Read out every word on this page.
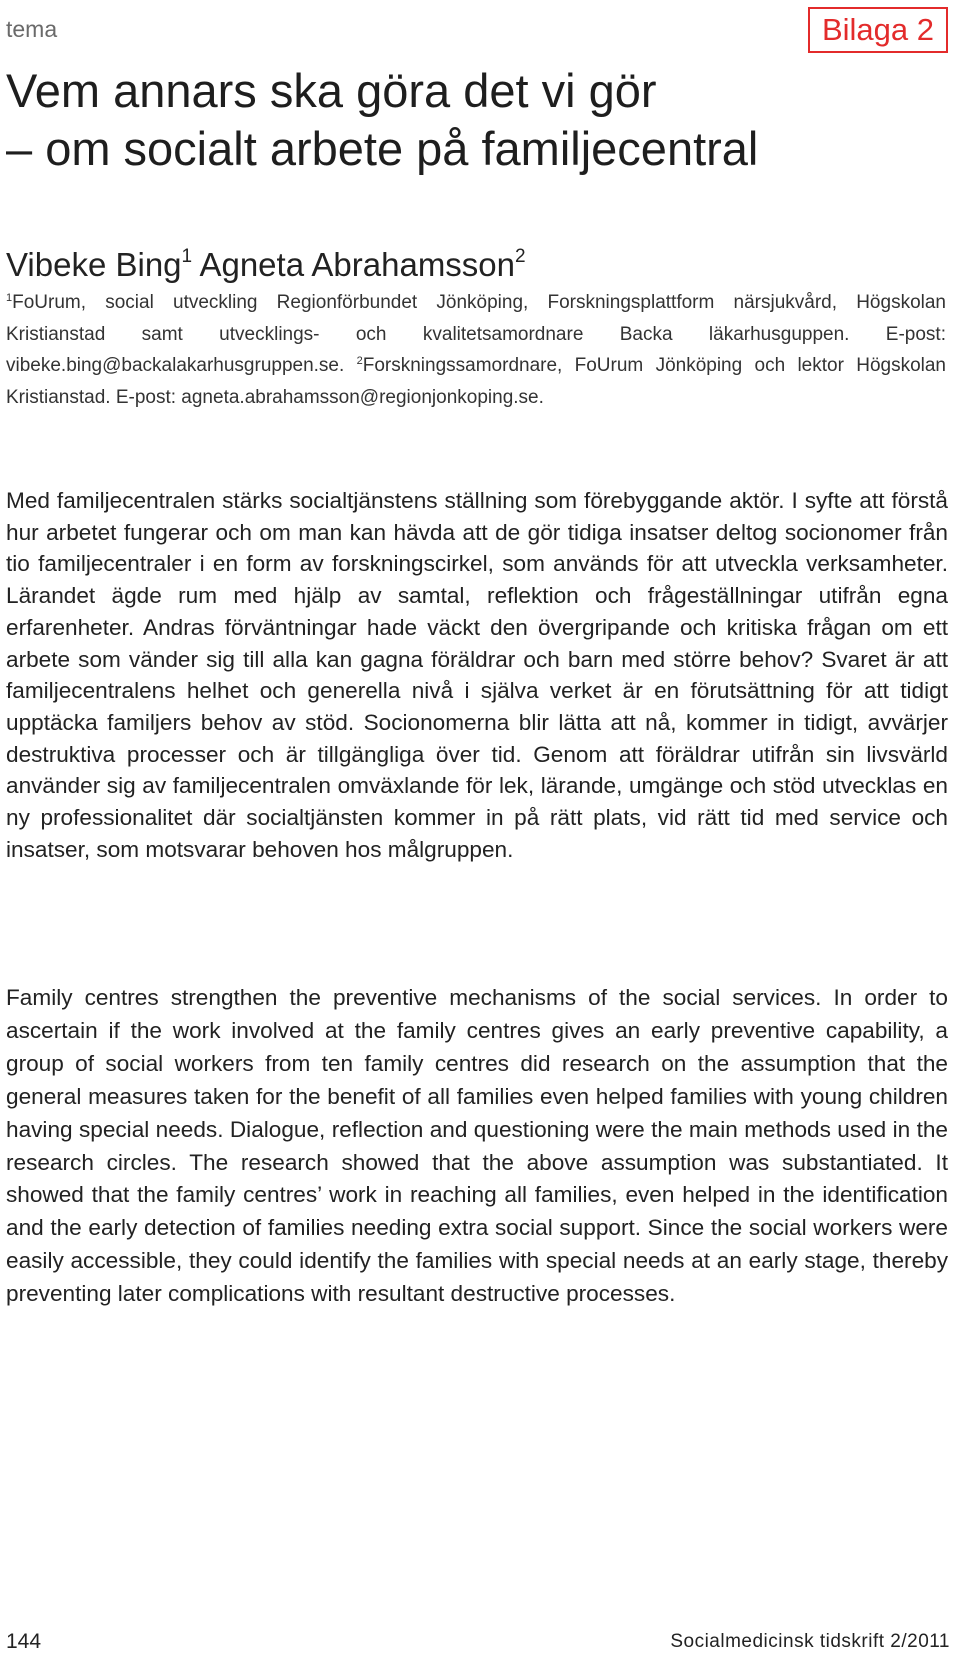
tema	Bilaga 2
Vem annars ska göra det vi gör
– om socialt arbete på familjecentral
Vibeke Bing$^1$ Agneta Abrahamsson$^2$

$^1$FoUrum, social utveckling Regionförbundet Jönköping, Forskningsplattform närsjukvård, Högskolan Kristianstad samt utvecklings- och kvalitetsamordnare Backa läkarhusguppen. E-post: vibeke.bing@backalakarhusgruppen.se. $^2$Forskningssamordnare, FoUrum Jönköping och lektor Högskolan Kristianstad. E-post: agneta.abrahamsson@regionjonkoping.se.

Med familjecentralen stärks socialtjänstens ställning som förebyggande aktör. I syfte att förstå hur arbetet fungerar och om man kan hävda att de gör tidiga insatser deltog socionomer från tio familjecentraler i en form av forskningscirkel, som används för att utveckla verksamheter. Lärandet ägde rum med hjälp av samtal, reflektion och frågeställningar utifrån egna erfarenheter. Andras förväntningar hade väckt den övergripande och kritiska frågan om ett arbete som vänder sig till alla kan gagna föräldrar och barn med större behov? Svaret är att familjecentralens helhet och generella nivå i själva verket är en förutsättning för att tidigt upptäcka familjers behov av stöd. Socionomerna blir lätta att nå, kommer in tidigt, avvärjer destruktiva processer och är tillgängliga över tid. Genom att föräldrar utifrån sin livsvärld använder sig av familjecentralen omväxlande för lek, lärande, umgänge och stöd utvecklas en ny professionalitet där socialtjänsten kommer in på rätt plats, vid rätt tid med service och insatser, som motsvarar behoven hos målgruppen.

Family centres strengthen the preventive mechanisms of the social services. In order to ascertain if the work involved at the family centres gives an early preventive capability, a group of social workers from ten family centres did research on the assumption that the general measures taken for the benefit of all families even helped families with young children having special needs. Dialogue, reflection and questioning were the main methods used in the research circles. The research showed that the above assumption was substantiated. It showed that the family centres’ work in reaching all families, even helped in the identification and the early detection of families needing extra social support. Since the social workers were easily accessible, they could identify the families with special needs at an early stage, thereby preventing later complications with resultant destructive processes.

144	Socialmedicinsk tidskrift 2/2011
